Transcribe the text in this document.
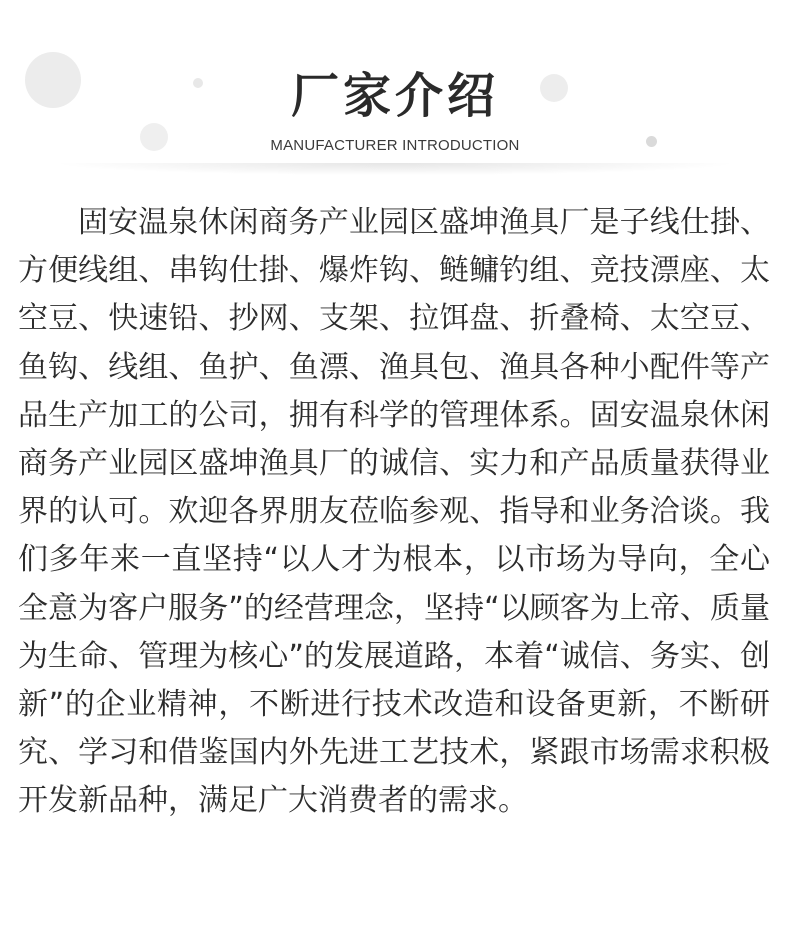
厂家介绍
MANUFACTURER INTRODUCTION

固安温泉休闲商务产业园区盛坤渔具厂是子线仕掛、方便线组、串钩仕掛、爆炸钩、鲢鳙钓组、竞技漂座、太空豆、快速铅、抄网、支架、拉饵盘、折叠椅、太空豆、鱼钩、线组、鱼护、鱼漂、渔具包、渔具各种小配件等产品生产加工的公司，拥有科学的管理体系。固安温泉休闲商务产业园区盛坤渔具厂的诚信、实力和产品质量获得业界的认可。欢迎各界朋友莅临参观、指导和业务洽谈。我们多年来一直坚持“以人才为根本，以市场为导向，全心全意为客户服务”的经营理念，坚持“以顾客为上帝、质量为生命、管理为核心”的发展道路，本着“诚信、务实、创新”的企业精神，不断进行技术改造和设备更新，不断研究、学习和借鉴国内外先进工艺技术，紧跟市场需求积极开发新品种，满足广大消费者的需求。
